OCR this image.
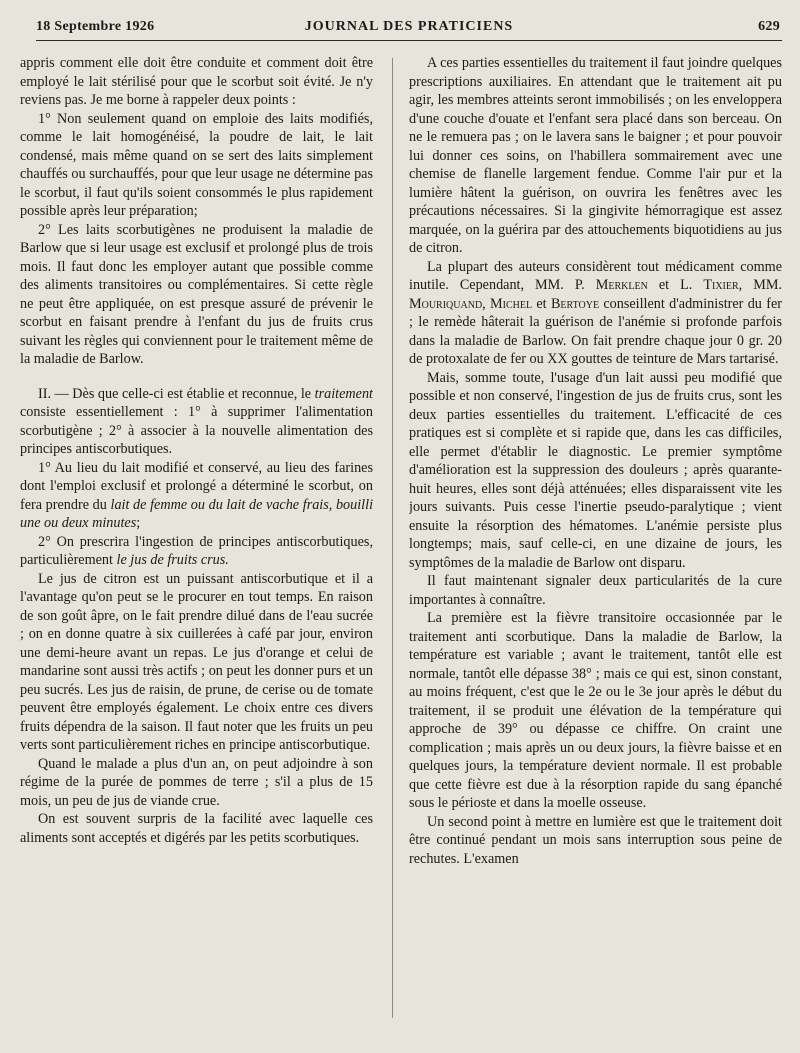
18 Septembre 1926	JOURNAL DES PRATICIENS	629

appris comment elle doit être conduite et comment doit être employé le lait stérilisé pour que le scorbut soit évité. Je n'y reviens pas. Je me borne à rappeler deux points :

1° Non seulement quand on emploie des laits modifiés, comme le lait homogénéisé, la poudre de lait, le lait condensé, mais même quand on se sert des laits simplement chauffés ou surchauffés, pour que leur usage ne détermine pas le scorbut, il faut qu'ils soient consommés le plus rapidement possible après leur préparation;

2° Les laits scorbutigènes ne produisent la maladie de Barlow que si leur usage est exclusif et prolongé plus de trois mois. Il faut donc les employer autant que possible comme des aliments transitoires ou complémentaires. Si cette règle ne peut être appliquée, on est presque assuré de prévenir le scorbut en faisant prendre à l'enfant du jus de fruits crus suivant les règles qui conviennent pour le traitement même de la maladie de Barlow.

II. — Dès que celle-ci est établie et reconnue, le traitement consiste essentiellement : 1° à supprimer l'alimentation scorbutigène ; 2° à associer à la nouvelle alimentation des principes antiscorbutiques.

1° Au lieu du lait modifié et conservé, au lieu des farines dont l'emploi exclusif et prolongé a déterminé le scorbut, on fera prendre du lait de femme ou du lait de vache frais, bouilli une ou deux minutes;

2° On prescrira l'ingestion de principes antiscorbutiques, particulièrement le jus de fruits crus.

Le jus de citron est un puissant antiscorbutique et il a l'avantage qu'on peut se le procurer en tout temps. En raison de son goût âpre, on le fait prendre dilué dans de l'eau sucrée ; on en donne quatre à six cuillerées à café par jour, environ une demi-heure avant un repas. Le jus d'orange et celui de mandarine sont aussi très actifs ; on peut les donner purs et un peu sucrés. Les jus de raisin, de prune, de cerise ou de tomate peuvent être employés également. Le choix entre ces divers fruits dépendra de la saison. Il faut noter que les fruits un peu verts sont particulièrement riches en principe antiscorbutique.

Quand le malade a plus d'un an, on peut adjoindre à son régime de la purée de pommes de terre ; s'il a plus de 15 mois, un peu de jus de viande crue.

On est souvent surpris de la facilité avec laquelle ces aliments sont acceptés et digérés par les petits scorbutiques.

A ces parties essentielles du traitement il faut joindre quelques prescriptions auxiliaires. En attendant que le traitement ait pu agir, les membres atteints seront immobilisés ; on les enveloppera d'une couche d'ouate et l'enfant sera placé dans son berceau. On ne le remuera pas ; on le lavera sans le baigner ; et pour pouvoir lui donner ces soins, on l'habillera sommairement avec une chemise de flanelle largement fendue. Comme l'air pur et la lumière hâtent la guérison, on ouvrira les fenêtres avec les précautions nécessaires. Si la gingivite hémorragique est assez marquée, on la guérira par des attouchements biquotidiens au jus de citron.

La plupart des auteurs considèrent tout médicament comme inutile. Cependant, MM. P. Merklen et L. Tixier, MM. Mouriquand, Michel et Bertoye conseillent d'administrer du fer ; le remède hâterait la guérison de l'anémie si profonde parfois dans la maladie de Barlow. On fait prendre chaque jour 0 gr. 20 de protoxalate de fer ou XX gouttes de teinture de Mars tartarisé.

Mais, somme toute, l'usage d'un lait aussi peu modifié que possible et non conservé, l'ingestion de jus de fruits crus, sont les deux parties essentielles du traitement. L'efficacité de ces pratiques est si complète et si rapide que, dans les cas difficiles, elle permet d'établir le diagnostic. Le premier symptôme d'amélioration est la suppression des douleurs ; après quarante-huit heures, elles sont déjà atténuées; elles disparaissent vite les jours suivants. Puis cesse l'inertie pseudo-paralytique ; vient ensuite la résorption des hématomes. L'anémie persiste plus longtemps; mais, sauf celle-ci, en une dizaine de jours, les symptômes de la maladie de Barlow ont disparu.

Il faut maintenant signaler deux particularités de la cure importantes à connaître.

La première est la fièvre transitoire occasionnée par le traitement anti scorbutique. Dans la maladie de Barlow, la température est variable ; avant le traitement, tantôt elle est normale, tantôt elle dépasse 38° ; mais ce qui est, sinon constant, au moins fréquent, c'est que le 2e ou le 3e jour après le début du traitement, il se produit une élévation de la température qui approche de 39° ou dépasse ce chiffre. On craint une complication ; mais après un ou deux jours, la fièvre baisse et en quelques jours, la température devient normale. Il est probable que cette fièvre est due à la résorption rapide du sang épanché sous le périoste et dans la moelle osseuse.

Un second point à mettre en lumière est que le traitement doit être continué pendant un mois sans interruption sous peine de rechutes. L'examen
